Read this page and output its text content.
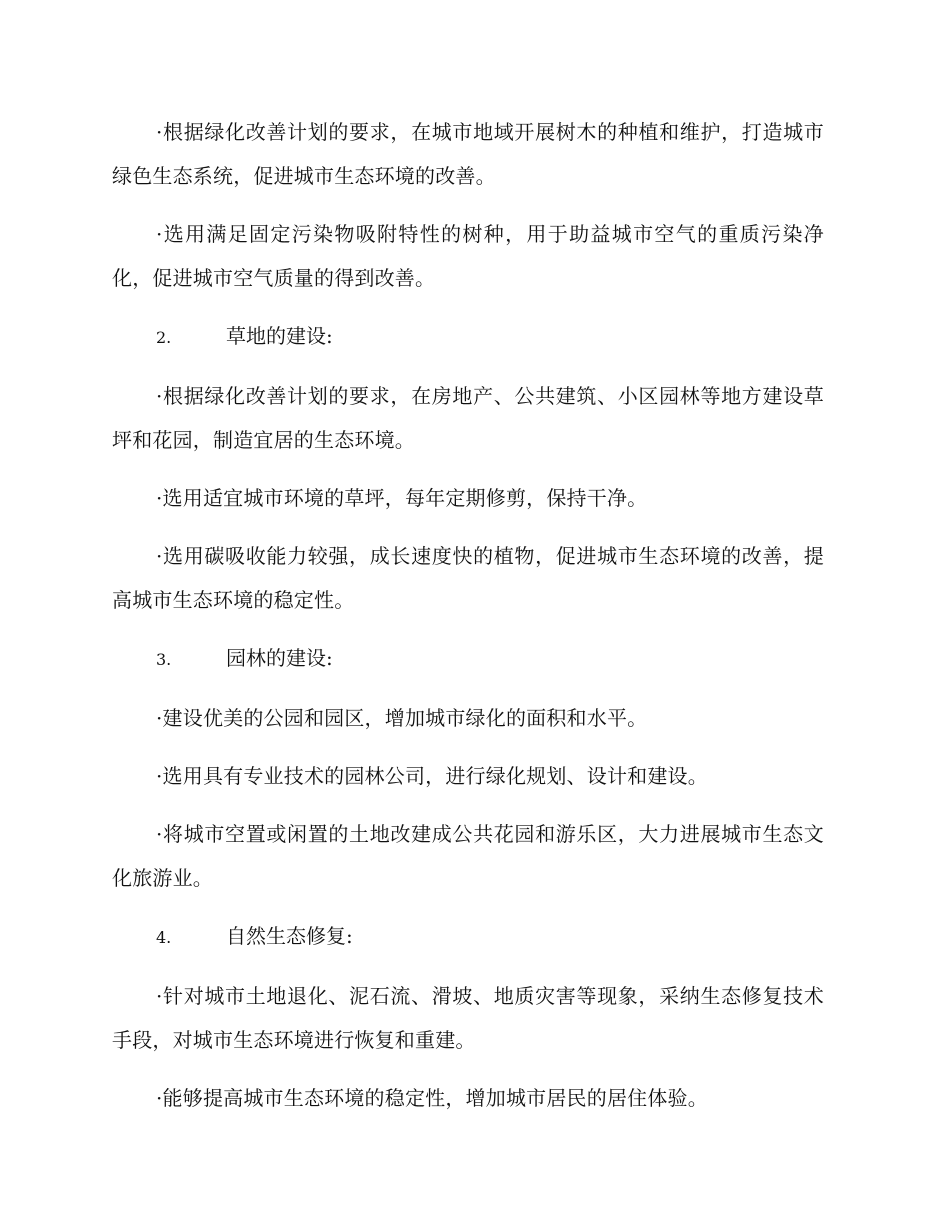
·根据绿化改善计划的要求，在城市地域开展树木的种植和维护，打造城市绿色生态系统，促进城市生态环境的改善。

·选用满足固定污染物吸附特性的树种，用于助益城市空气的重质污染净化，促进城市空气质量的得到改善。

2.	草地的建设:

·根据绿化改善计划的要求，在房地产、公共建筑、小区园林等地方建设草坪和花园，制造宜居的生态环境。

·选用适宜城市环境的草坪，每年定期修剪，保持干净。

·选用碳吸收能力较强，成长速度快的植物，促进城市生态环境的改善，提高城市生态环境的稳定性。

3.	园林的建设:

·建设优美的公园和园区，增加城市绿化的面积和水平。

·选用具有专业技术的园林公司，进行绿化规划、设计和建设。

·将城市空置或闲置的土地改建成公共花园和游乐区，大力进展城市生态文化旅游业。

4.	自然生态修复:

·针对城市土地退化、泥石流、滑坡、地质灾害等现象，采纳生态修复技术手段，对城市生态环境进行恢复和重建。

·能够提高城市生态环境的稳定性，增加城市居民的居住体验。
